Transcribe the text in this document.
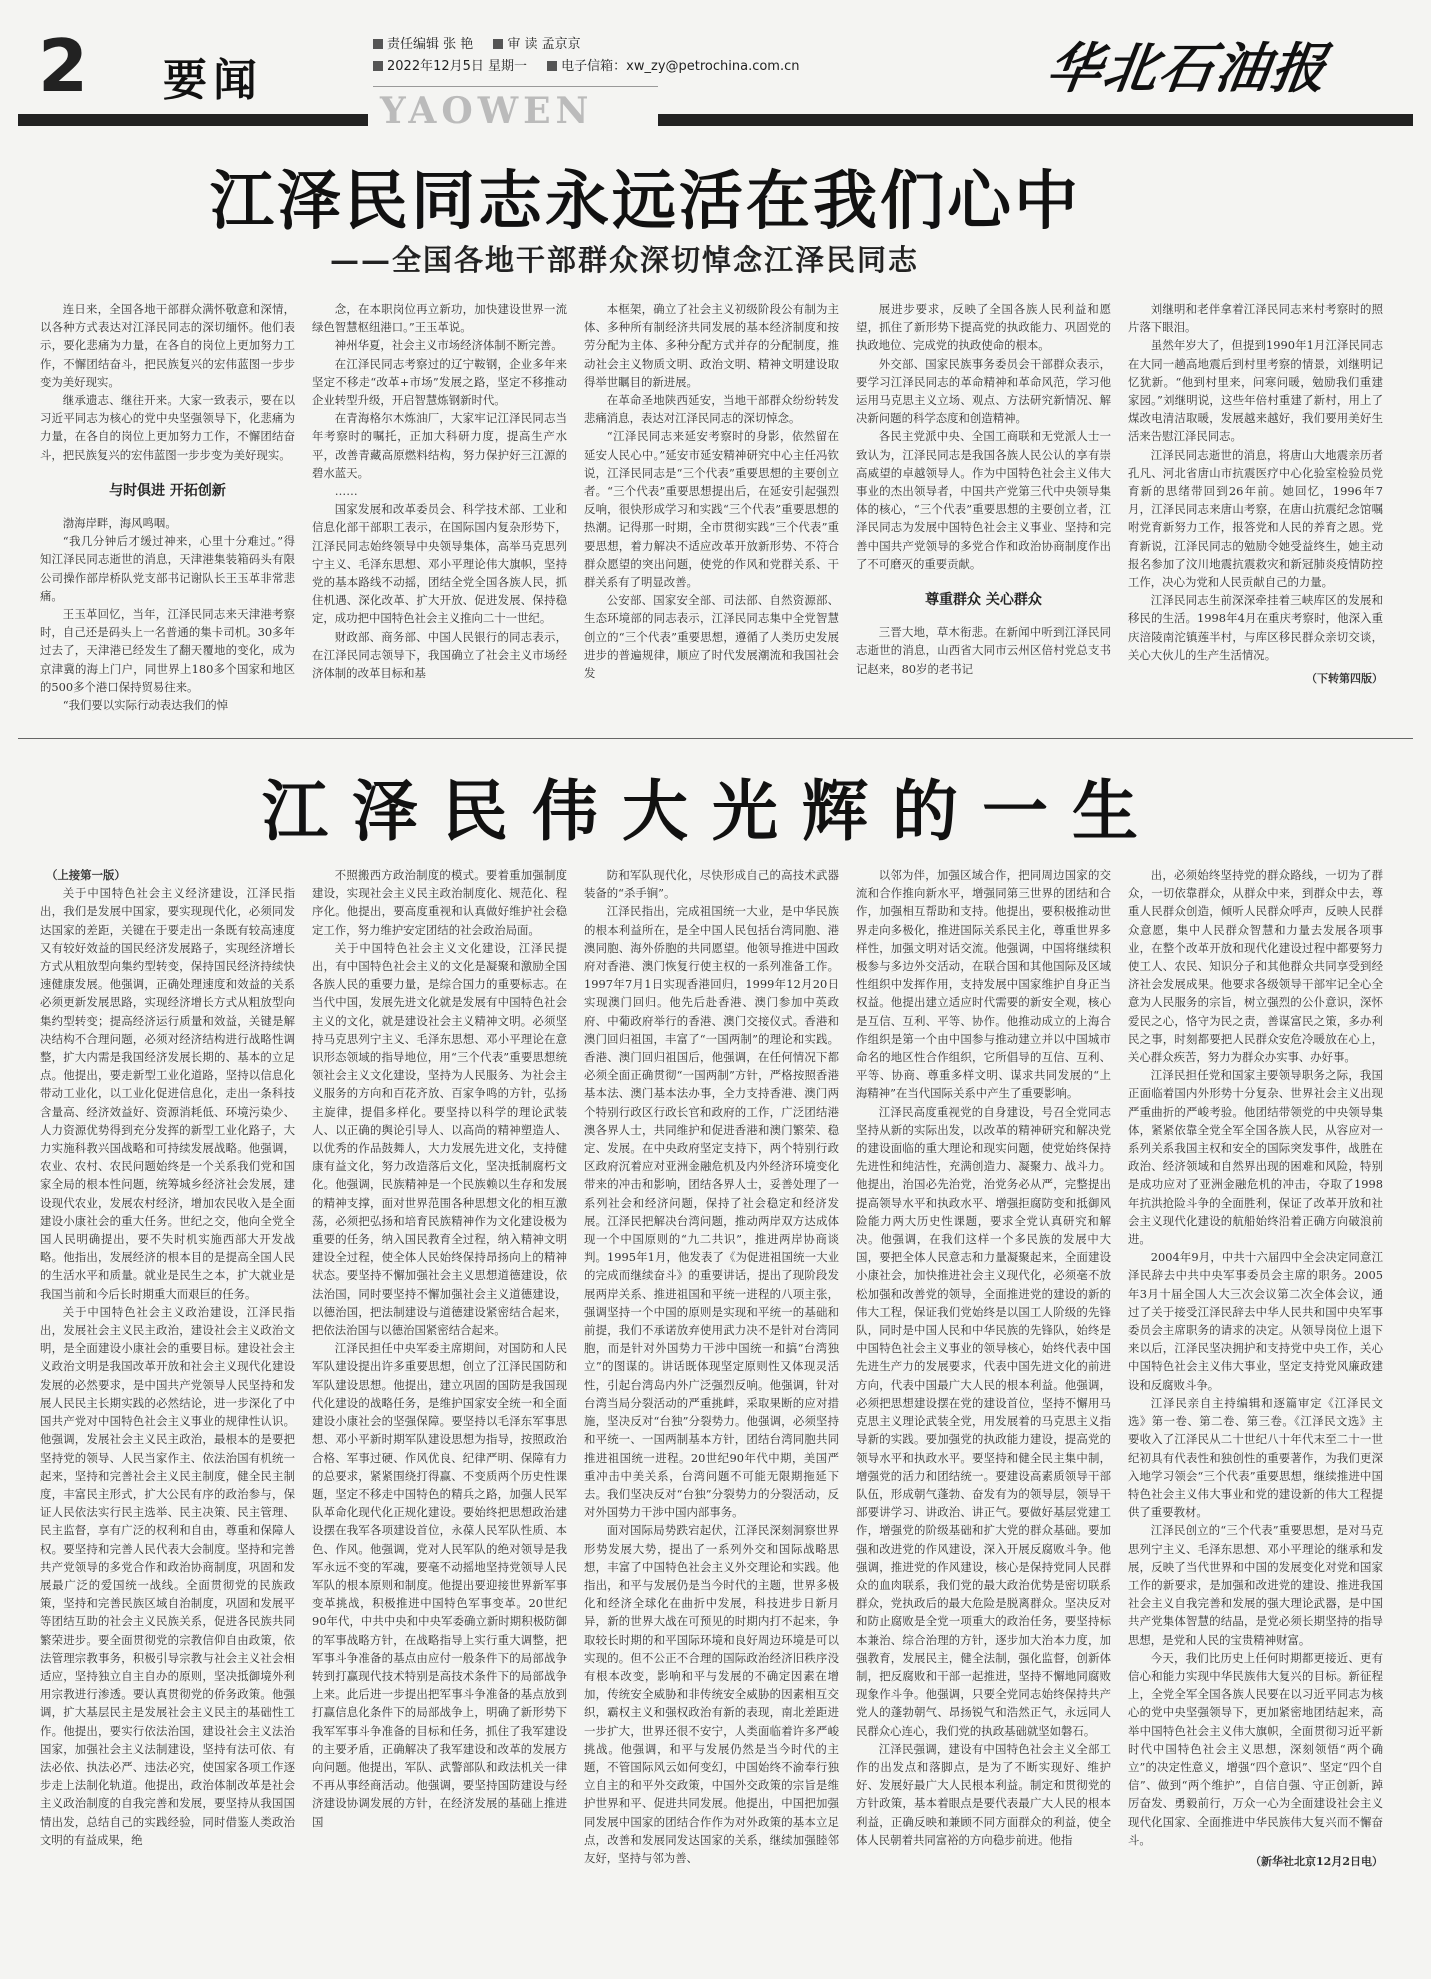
2 要闻
责任编辑 张 艳	审 读 孟京京
2022年12月5日 星期一	电子信箱：xw_zy@petrochina.com.cn
YAOWEN
华北石油报
江泽民同志永远活在我们心中
——全国各地干部群众深切悼念江泽民同志

连日来，全国各地干部群众满怀敬意和深情，以各种方式表达对江泽民同志的深切缅怀。他们表示，要化悲痛为力量，在各自的岗位上更加努力工作，不懈团结奋斗，把民族复兴的宏伟蓝图一步步变为美好现实。

继承遗志、继往开来。大家一致表示，要在以习近平同志为核心的党中央坚强领导下，化悲痛为力量，在各自的岗位上更加努力工作，不懈团结奋斗，把民族复兴的宏伟蓝图一步步变为美好现实。

与时俱进 开拓创新

渤海岸畔，海风鸣咽。

“我几分钟后才缓过神来，心里十分难过。”得知江泽民同志逝世的消息，天津港集装箱码头有限公司操作部岸桥队党支部书记谢队长王玉革非常悲痛。

王玉革回忆，当年，江泽民同志来天津港考察时，自己还是码头上一名普通的集卡司机。30多年过去了，天津港已经发生了翻天覆地的变化，成为京津冀的海上门户，同世界上180多个国家和地区的500多个港口保持贸易往来。

“我们要以实际行动表达我们的悼

念，在本职岗位再立新功，加快建设世界一流绿色智慧枢纽港口。”王玉革说。

神州华夏，社会主义市场经济体制不断完善。

在江泽民同志考察过的辽宁鞍钢，企业多年来坚定不移走“改革+市场”发展之路，坚定不移推动企业转型升级，开启智慧炼钢新时代。

在青海格尔木炼油厂，大家牢记江泽民同志当年考察时的嘱托，正加大科研力度，提高生产水平，改善青藏高原燃料结构，努力保护好三江源的碧水蓝天。

……

国家发展和改革委员会、科学技术部、工业和信息化部干部职工表示，在国际国内复杂形势下，江泽民同志始终领导中央领导集体，高举马克思列宁主义、毛泽东思想、邓小平理论伟大旗帜，坚持党的基本路线不动摇，团结全党全国各族人民，抓住机遇、深化改革、扩大开放、促进发展、保持稳定，成功把中国特色社会主义推向二十一世纪。

财政部、商务部、中国人民银行的同志表示，在江泽民同志领导下，我国确立了社会主义市场经济体制的改革目标和基

本框架，确立了社会主义初级阶段公有制为主体、多种所有制经济共同发展的基本经济制度和按劳分配为主体、多种分配方式并存的分配制度，推动社会主义物质文明、政治文明、精神文明建设取得举世瞩目的新进展。

在革命圣地陕西延安，当地干部群众纷纷转发悲痛消息，表达对江泽民同志的深切悼念。

“江泽民同志来延安考察时的身影，依然留在延安人民心中。”延安市延安精神研究中心主任冯钦说，江泽民同志是“三个代表”重要思想的主要创立者。“三个代表”重要思想提出后，在延安引起强烈反响，很快形成学习和实践“三个代表”重要思想的热潮。记得那一时期，全市贯彻实践“三个代表”重要思想，着力解决不适应改革开放新形势、不符合群众愿望的突出问题，使党的作风和党群关系、干群关系有了明显改善。

公安部、国家安全部、司法部、自然资源部、生态环境部的同志表示，江泽民同志集中全党智慧创立的“三个代表”重要思想，遵循了人类历史发展进步的普遍规律，顺应了时代发展潮流和我国社会发

展进步要求，反映了全国各族人民利益和愿望，抓住了新形势下提高党的执政能力、巩固党的执政地位、完成党的执政使命的根本。

外交部、国家民族事务委员会干部群众表示，要学习江泽民同志的革命精神和革命风范，学习他运用马克思主义立场、观点、方法研究新情况、解决新问题的科学态度和创造精神。

各民主党派中央、全国工商联和无党派人士一致认为，江泽民同志是我国各族人民公认的享有崇高威望的卓越领导人。作为中国特色社会主义伟大事业的杰出领导者，中国共产党第三代中央领导集体的核心，“三个代表”重要思想的主要创立者，江泽民同志为发展中国特色社会主义事业、坚持和完善中国共产党领导的多党合作和政治协商制度作出了不可磨灭的重要贡献。

尊重群众 关心群众

三晋大地，草木衔悲。在新闻中听到江泽民同志逝世的消息，山西省大同市云州区倍村党总支书记赵来，80岁的老书记

刘继明和老伴拿着江泽民同志来村考察时的照片落下眼泪。

虽然年岁大了，但提到1990年1月江泽民同志在大同一趟高地震后到村里考察的情景，刘继明记忆犹新。“他到村里来，问寒问暖，勉励我们重建家园。”刘继明说，这些年倍村重建了新村，用上了煤改电清洁取暖，发展越来越好，我们要用美好生活来告慰江泽民同志。

江泽民同志逝世的消息，将唐山大地震亲历者孔凡、河北省唐山市抗震医疗中心化验室检验员党育新的思绪带回到26年前。她回忆，1996年7月，江泽民同志来唐山考察，在唐山抗震纪念馆嘱咐党育新努力工作，报答党和人民的养育之恩。党育新说，江泽民同志的勉励令她受益终生，她主动报名参加了汶川地震抗震救灾和新冠肺炎疫情防控工作，决心为党和人民贡献自己的力量。

江泽民同志生前深深牵挂着三峡库区的发展和移民的生活。1998年4月在重庆考察时，他深入重庆涪陵南沱镇莲半村，与库区移民群众亲切交谈，关心大伙儿的生产生活情况。

（下转第四版）

江泽民伟大光辉的一生

（上接第一版）

关于中国特色社会主义经济建设，江泽民指出，我们是发展中国家，要实现现代化，必须同发达国家的差距，关键在于要走出一条既有较高速度又有较好效益的国民经济发展路子，实现经济增长方式从粗放型向集约型转变，保持国民经济持续快速健康发展。他强调，正确处理速度和效益的关系必须更新发展思路，实现经济增长方式从粗放型向集约型转变；提高经济运行质量和效益，关键是解决结构不合理问题，必须对经济结构进行战略性调整，扩大内需是我国经济发展长期的、基本的立足点。他提出，要走新型工业化道路，坚持以信息化带动工业化，以工业化促进信息化，走出一条科技含量高、经济效益好、资源消耗低、环境污染少、人力资源优势得到充分发挥的新型工业化路子，大力实施科教兴国战略和可持续发展战略。他强调，农业、农村、农民问题始终是一个关系我们党和国家全局的根本性问题，统筹城乡经济社会发展，建设现代农业，发展农村经济，增加农民收入是全面建设小康社会的重大任务。世纪之交，他向全党全国人民明确提出，要不失时机实施西部大开发战略。他指出，发展经济的根本目的是提高全国人民的生活水平和质量。就业是民生之本，扩大就业是我国当前和今后长时期重大而艰巨的任务。

关于中国特色社会主义政治建设，江泽民指出，发展社会主义民主政治，建设社会主义政治文明，是全面建设小康社会的重要目标。建设社会主义政治文明是我国改革开放和社会主义现代化建设发展的必然要求，是中国共产党领导人民坚持和发展人民民主长期实践的必然结论，进一步深化了中国共产党对中国特色社会主义事业的规律性认识。他强调，发展社会主义民主政治，最根本的是要把坚持党的领导、人民当家作主、依法治国有机统一起来，坚持和完善社会主义民主制度，健全民主制度，丰富民主形式，扩大公民有序的政治参与，保证人民依法实行民主选举、民主决策、民主管理、民主监督，享有广泛的权利和自由，尊重和保障人权。要坚持和完善人民代表大会制度。坚持和完善共产党领导的多党合作和政治协商制度，巩固和发展最广泛的爱国统一战线。全面贯彻党的民族政策，坚持和完善民族区域自治制度，巩固和发展平等团结互助的社会主义民族关系，促进各民族共同繁荣进步。要全面贯彻党的宗教信仰自由政策，依法管理宗教事务，积极引导宗教与社会主义社会相适应，坚持独立自主自办的原则，坚决抵御境外利用宗教进行渗透。要认真贯彻党的侨务政策。他强调，扩大基层民主是发展社会主义民主的基础性工作。他提出，要实行依法治国，建设社会主义法治国家，加强社会主义法制建设，坚持有法可依、有法必依、执法必严、违法必究，使国家各项工作逐步走上法制化轨道。他提出，政治体制改革是社会主义政治制度的自我完善和发展，要坚持从我国国情出发，总结自己的实践经验，同时借鉴人类政治文明的有益成果，绝

不照搬西方政治制度的模式。要着重加强制度建设，实现社会主义民主政治制度化、规范化、程序化。他提出，要高度重视和认真做好维护社会稳定工作，努力维护安定团结的社会政治局面。

关于中国特色社会主义文化建设，江泽民提出，有中国特色社会主义的文化是凝聚和激励全国各族人民的重要力量，是综合国力的重要标志。在当代中国，发展先进文化就是发展有中国特色社会主义的文化，就是建设社会主义精神文明。必须坚持马克思列宁主义、毛泽东思想、邓小平理论在意识形态领域的指导地位，用“三个代表”重要思想统领社会主义文化建设，坚持为人民服务、为社会主义服务的方向和百花齐放、百家争鸣的方针，弘扬主旋律，提倡多样化。要坚持以科学的理论武装人、以正确的舆论引导人、以高尚的精神塑造人、以优秀的作品鼓舞人，大力发展先进文化，支持健康有益文化，努力改造落后文化，坚决抵制腐朽文化。他强调，民族精神是一个民族赖以生存和发展的精神支撑，面对世界范围各种思想文化的相互激荡，必须把弘扬和培育民族精神作为文化建设极为重要的任务，纳入国民教育全过程，纳入精神文明建设全过程，使全体人民始终保持昂扬向上的精神状态。要坚持不懈加强社会主义思想道德建设，依法治国，同时要坚持不懈加强社会主义道德建设，以德治国，把法制建设与道德建设紧密结合起来，把依法治国与以德治国紧密结合起来。

江泽民担任中央军委主席期间，对国防和人民军队建设提出许多重要思想，创立了江泽民国防和军队建设思想。他提出，建立巩固的国防是我国现代化建设的战略任务，是维护国家安全统一和全面建设小康社会的坚强保障。要坚持以毛泽东军事思想、邓小平新时期军队建设思想为指导，按照政治合格、军事过硬、作风优良、纪律严明、保障有力的总要求，紧紧围绕打得赢、不变质两个历史性课题，坚定不移走中国特色的精兵之路，加强人民军队革命化现代化正规化建设。要始终把思想政治建设摆在我军各项建设首位，永葆人民军队性质、本色、作风。他强调，党对人民军队的绝对领导是我军永远不变的军魂，要毫不动摇地坚持党领导人民军队的根本原则和制度。他提出要迎接世界新军事变革挑战，积极推进中国特色军事变革。20世纪90年代，中共中央和中央军委确立新时期积极防御的军事战略方针，在战略指导上实行重大调整，把军事斗争准备的基点由应付一般条件下的局部战争转到打赢现代技术特别是高技术条件下的局部战争上来。此后进一步提出把军事斗争准备的基点放到打赢信息化条件下的局部战争上，明确了新形势下我军军事斗争准备的目标和任务，抓住了我军建设的主要矛盾，正确解决了我军建设和改革的发展方向问题。他提出，军队、武警部队和政法机关一律不再从事经商活动。他强调，要坚持国防建设与经济建设协调发展的方针，在经济发展的基础上推进国

防和军队现代化，尽快形成自己的高技术武器装备的“杀手锏”。

江泽民指出，完成祖国统一大业，是中华民族的根本利益所在，是全中国人民包括台湾同胞、港澳同胞、海外侨胞的共同愿望。他领导推进中国政府对香港、澳门恢复行使主权的一系列准备工作。1997年7月1日实现香港回归，1999年12月20日实现澳门回归。他先后赴香港、澳门参加中英政府、中葡政府举行的香港、澳门交接仪式。香港和澳门回归祖国，丰富了“一国两制”的理论和实践。香港、澳门回归祖国后，他强调，在任何情况下都必须全面正确贯彻“一国两制”方针，严格按照香港基本法、澳门基本法办事，全力支持香港、澳门两个特别行政区行政长官和政府的工作，广泛团结港澳各界人士，共同维护和促进香港和澳门繁荣、稳定、发展。在中央政府坚定支持下，两个特别行政区政府沉着应对亚洲金融危机及内外经济环境变化带来的冲击和影响，团结各界人士，妥善处理了一系列社会和经济问题，保持了社会稳定和经济发展。江泽民把解决台湾问题，推动两岸双方达成体现一个中国原则的“九二共识”，推进两岸协商谈判。1995年1月，他发表了《为促进祖国统一大业的完成而继续奋斗》的重要讲话，提出了现阶段发展两岸关系、推进祖国和平统一进程的八项主张，强调坚持一个中国的原则是实现和平统一的基础和前提，我们不承诺放弃使用武力决不是针对台湾同胞，而是针对外国势力干涉中国统一和搞“台湾独立”的图谋的。讲话既体现坚定原则性又体现灵活性，引起台湾岛内外广泛强烈反响。他强调，针对台湾当局分裂活动的严重挑衅，采取果断的应对措施，坚决反对“台独”分裂势力。他强调，必须坚持和平统一、一国两制基本方针，团结台湾同胞共同推进祖国统一进程。20世纪90年代中期，美国严重冲击中美关系，台湾问题不可能无限期拖延下去。我们坚决反对“台独”分裂势力的分裂活动，反对外国势力干涉中国内部事务。

面对国际局势跌宕起伏，江泽民深刻洞察世界形势发展大势，提出了一系列外交和国际战略思想，丰富了中国特色社会主义外交理论和实践。他指出，和平与发展仍是当今时代的主题，世界多极化和经济全球化在曲折中发展，科技进步日新月异，新的世界大战在可预见的时期内打不起来，争取较长时期的和平国际环境和良好周边环境是可以实现的。但不公正不合理的国际政治经济旧秩序没有根本改变，影响和平与发展的不确定因素在增加，传统安全威胁和非传统安全威胁的因素相互交织，霸权主义和强权政治有新的表现，南北差距进一步扩大，世界还很不安宁，人类面临着许多严峻挑战。他强调，和平与发展仍然是当今时代的主题，不管国际风云如何变幻，中国始终不渝奉行独立自主的和平外交政策，中国外交政策的宗旨是维护世界和平、促进共同发展。他提出，中国把加强同发展中国家的团结合作作为对外政策的基本立足点，改善和发展同发达国家的关系，继续加强睦邻友好，坚持与邻为善、

以邻为伴，加强区域合作，把同周边国家的交流和合作推向新水平，增强同第三世界的团结和合作，加强相互帮助和支持。他提出，要积极推动世界走向多极化，推进国际关系民主化，尊重世界多样性，加强文明对话交流。他强调，中国将继续积极参与多边外交活动，在联合国和其他国际及区域性组织中发挥作用，支持发展中国家维护自身正当权益。他提出建立适应时代需要的新安全观，核心是互信、互利、平等、协作。他推动成立的上海合作组织是第一个由中国参与推动建立并以中国城市命名的地区性合作组织，它所倡导的互信、互利、平等、协商、尊重多样文明、谋求共同发展的“上海精神”在当代国际关系中产生了重要影响。

江泽民高度重视党的自身建设，号召全党同志坚持从新的实际出发，以改革的精神研究和解决党的建设面临的重大理论和现实问题，使党始终保持先进性和纯洁性，充满创造力、凝聚力、战斗力。他提出，治国必先治党，治党务必从严，完整提出提高领导水平和执政水平、增强拒腐防变和抵御风险能力两大历史性课题，要求全党认真研究和解决。他强调，在我们这样一个多民族的发展中大国，要把全体人民意志和力量凝聚起来，全面建设小康社会，加快推进社会主义现代化，必须毫不放松加强和改善党的领导，全面推进党的建设的新的伟大工程，保证我们党始终是以国工人阶级的先锋队，同时是中国人民和中华民族的先锋队，始终是中国特色社会主义事业的领导核心，始终代表中国先进生产力的发展要求，代表中国先进文化的前进方向，代表中国最广大人民的根本利益。他强调，必须把思想建设摆在党的建设首位，坚持不懈用马克思主义理论武装全党，用发展着的马克思主义指导新的实践。要加强党的执政能力建设，提高党的领导水平和执政水平。要坚持和健全民主集中制，增强党的活力和团结统一。要建设高素质领导干部队伍，形成朝气蓬勃、奋发有为的领导层，领导干部要讲学习、讲政治、讲正气。要做好基层党建工作，增强党的阶级基础和扩大党的群众基础。要加强和改进党的作风建设，深入开展反腐败斗争。他强调，推进党的作风建设，核心是保持党同人民群众的血肉联系，我们党的最大政治优势是密切联系群众，党执政后的最大危险是脱离群众。坚决反对和防止腐败是全党一项重大的政治任务，要坚持标本兼治、综合治理的方针，逐步加大治本力度，加强教育，发展民主，健全法制，强化监督，创新体制，把反腐败和干部一起推进，坚持不懈地同腐败现象作斗争。他强调，只要全党同志始终保持共产党人的蓬勃朝气、昂扬锐气和浩然正气，永远同人民群众心连心，我们党的执政基础就坚如磐石。

江泽民强调，建设有中国特色社会主义全部工作的出发点和落脚点，是为了不断实现好、维护好、发展好最广大人民根本利益。制定和贯彻党的方针政策，基本着眼点是要代表最广大人民的根本利益，正确反映和兼顾不同方面群众的利益，使全体人民朝着共同富裕的方向稳步前进。他指

出，必须始终坚持党的群众路线，一切为了群众，一切依靠群众，从群众中来，到群众中去，尊重人民群众创造，倾听人民群众呼声，反映人民群众意愿，集中人民群众智慧和力量去发展各项事业，在整个改革开放和现代化建设过程中都要努力使工人、农民、知识分子和其他群众共同享受到经济社会发展成果。他要求各级领导干部牢记全心全意为人民服务的宗旨，树立强烈的公仆意识，深怀爱民之心，恪守为民之责，善谋富民之策，多办利民之事，时刻都要把人民群众安危冷暖放在心上，关心群众疾苦，努力为群众办实事、办好事。

江泽民担任党和国家主要领导职务之际，我国正面临着国内外形势十分复杂、世界社会主义出现严重曲折的严峻考验。他团结带领党的中央领导集体，紧紧依靠全党全军全国各族人民，从容应对一系列关系我国主权和安全的国际突发事件，战胜在政治、经济领域和自然界出现的困难和风险，特别是成功应对了亚洲金融危机的冲击，夺取了1998年抗洪抢险斗争的全面胜利，保证了改革开放和社会主义现代化建设的航船始终沿着正确方向破浪前进。

2004年9月，中共十六届四中全会决定同意江泽民辞去中共中央军事委员会主席的职务。2005年3月十届全国人大三次会议第二次全体会议，通过了关于接受江泽民辞去中华人民共和国中央军事委员会主席职务的请求的决定。从领导岗位上退下来以后，江泽民坚决拥护和支持党中央工作，关心中国特色社会主义伟大事业，坚定支持党风廉政建设和反腐败斗争。

江泽民亲自主持编辑和逐篇审定《江泽民文选》第一卷、第二卷、第三卷。《江泽民文选》主要收入了江泽民从二十世纪八十年代末至二十一世纪初具有代表性和独创性的重要著作，为我们更深入地学习领会“三个代表”重要思想，继续推进中国特色社会主义伟大事业和党的建设新的伟大工程提供了重要教材。

江泽民创立的“三个代表”重要思想，是对马克思列宁主义、毛泽东思想、邓小平理论的继承和发展，反映了当代世界和中国的发展变化对党和国家工作的新要求，是加强和改进党的建设、推进我国社会主义自我完善和发展的强大理论武器，是中国共产党集体智慧的结晶，是党必须长期坚持的指导思想，是党和人民的宝贵精神财富。

今天，我们比历史上任何时期都更接近、更有信心和能力实现中华民族伟大复兴的目标。新征程上，全党全军全国各族人民要在以习近平同志为核心的党中央坚强领导下，更加紧密地团结起来，高举中国特色社会主义伟大旗帜，全面贯彻习近平新时代中国特色社会主义思想，深刻领悟“两个确立”的决定性意义，增强“四个意识”、坚定“四个自信”、做到“两个维护”，自信自强、守正创新，踔厉奋发、勇毅前行，万众一心为全面建设社会主义现代化国家、全面推进中华民族伟大复兴而不懈奋斗。

（新华社北京12月2日电）
